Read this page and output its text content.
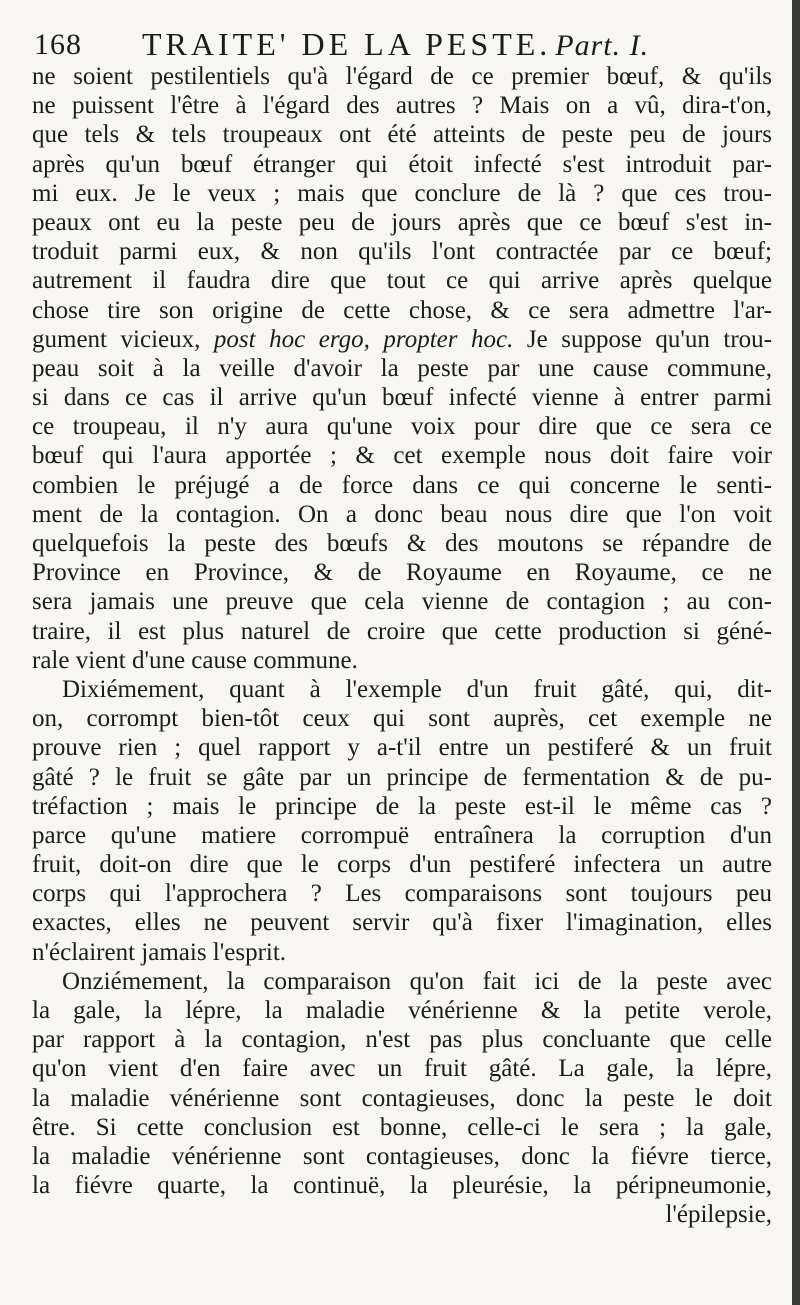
168 TRAITE' DE LA PESTE. Part. I.
ne soient pestilentiels qu'à l'égard de ce premier bœuf, & qu'ils
ne puissent l'être à l'égard des autres ? Mais on a vû, dira-t'on,
que tels & tels troupeaux ont été atteints de peste peu de jours
après qu'un bœuf étranger qui étoit infecté s'est introduit par-
mi eux. Je le veux ; mais que conclure de là ? que ces trou-
peaux ont eu la peste peu de jours après que ce bœuf s'est in-
troduit parmi eux, & non qu'ils l'ont contractée par ce bœuf;
autrement il faudra dire que tout ce qui arrive après quelque
chose tire son origine de cette chose, & ce sera admettre l'ar-
gument vicieux, post hoc ergo, propter hoc. Je suppose qu'un trou-
peau soit à la veille d'avoir la peste par une cause commune,
si dans ce cas il arrive qu'un bœuf infecté vienne à entrer parmi
ce troupeau, il n'y aura qu'une voix pour dire que ce sera ce
bœuf qui l'aura apportée ; & cet exemple nous doit faire voir
combien le préjugé a de force dans ce qui concerne le senti-
ment de la contagion. On a donc beau nous dire que l'on voit
quelquefois la peste des bœufs & des moutons se répandre de
Province en Province, & de Royaume en Royaume, ce ne
sera jamais une preuve que cela vienne de contagion ; au con-
traire, il est plus naturel de croire que cette production si géné-
rale vient d'une cause commune.
Dixiémement, quant à l'exemple d'un fruit gâté, qui, dit-
on, corrompt bien-tôt ceux qui sont auprès, cet exemple ne
prouve rien ; quel rapport y a-t'il entre un pestiferé & un fruit
gâté ? le fruit se gâte par un principe de fermentation & de pu-
tréfaction ; mais le principe de la peste est-il le même cas ?
parce qu'une matiere corrompuë entraînera la corruption d'un
fruit, doit-on dire que le corps d'un pestiferé infectera un autre
corps qui l'approchera ? Les comparaisons sont toujours peu
exactes, elles ne peuvent servir qu'à fixer l'imagination, elles
n'éclairent jamais l'esprit.
Onziémement, la comparaison qu'on fait ici de la peste avec
la gale, la lépre, la maladie vénérienne & la petite verole,
par rapport à la contagion, n'est pas plus concluante que celle
qu'on vient d'en faire avec un fruit gâté. La gale, la lépre,
la maladie vénérienne sont contagieuses, donc la peste le doit
être. Si cette conclusion est bonne, celle-ci le sera ; la gale,
la maladie vénérienne sont contagieuses, donc la fiévre tierce,
la fiévre quarte, la continuë, la pleurésie, la péripneumonie,
l'épilepsie,
